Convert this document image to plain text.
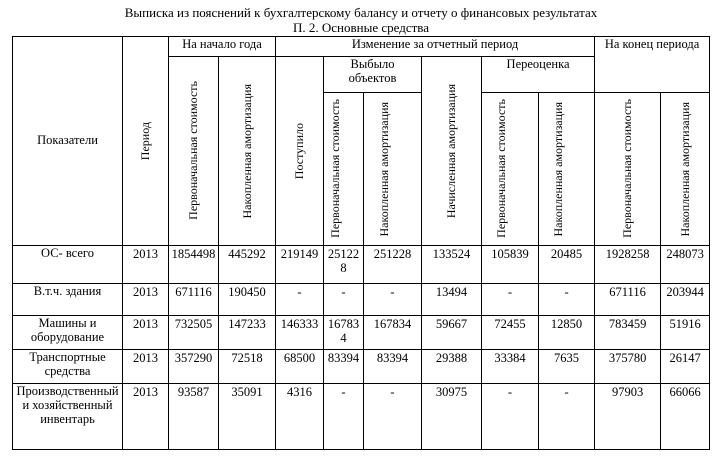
Выписка из пояснений к бухгалтерскому балансу и отчету о финансовых результатах
П. 2. Основные средства
Показатели	Период	На начало года		Изменение за отчетный период						На конец периода	

		Первоначальная стоимость	Накопленная амортизация	Поступило	Выбыло объектов		Начисленная амортизация	Переоценка			

					Первоначальная стоимость	Накопленная амортизация		Первоначальная стоимость	Накопленная амортизация	Первоначальная стоимость	Накопленная амортизация

ОС- всего	2013	1854498	445292	219149	251228	251228	133524	105839	20485	1928258	248073
В.т.ч. здания	2013	671116	190450	-	-	-	13494	-	-	671116	203944
Машины и оборудование	2013	732505	147233	146333	167834	167834	59667	72455	12850	783459	51916
Транспортные средства	2013	357290	72518	68500	83394	83394	29388	33384	7635	375780	26147
Производственный и хозяйственный инвентарь	2013	93587	35091	4316	-	-	30975	-	-	97903	66066
